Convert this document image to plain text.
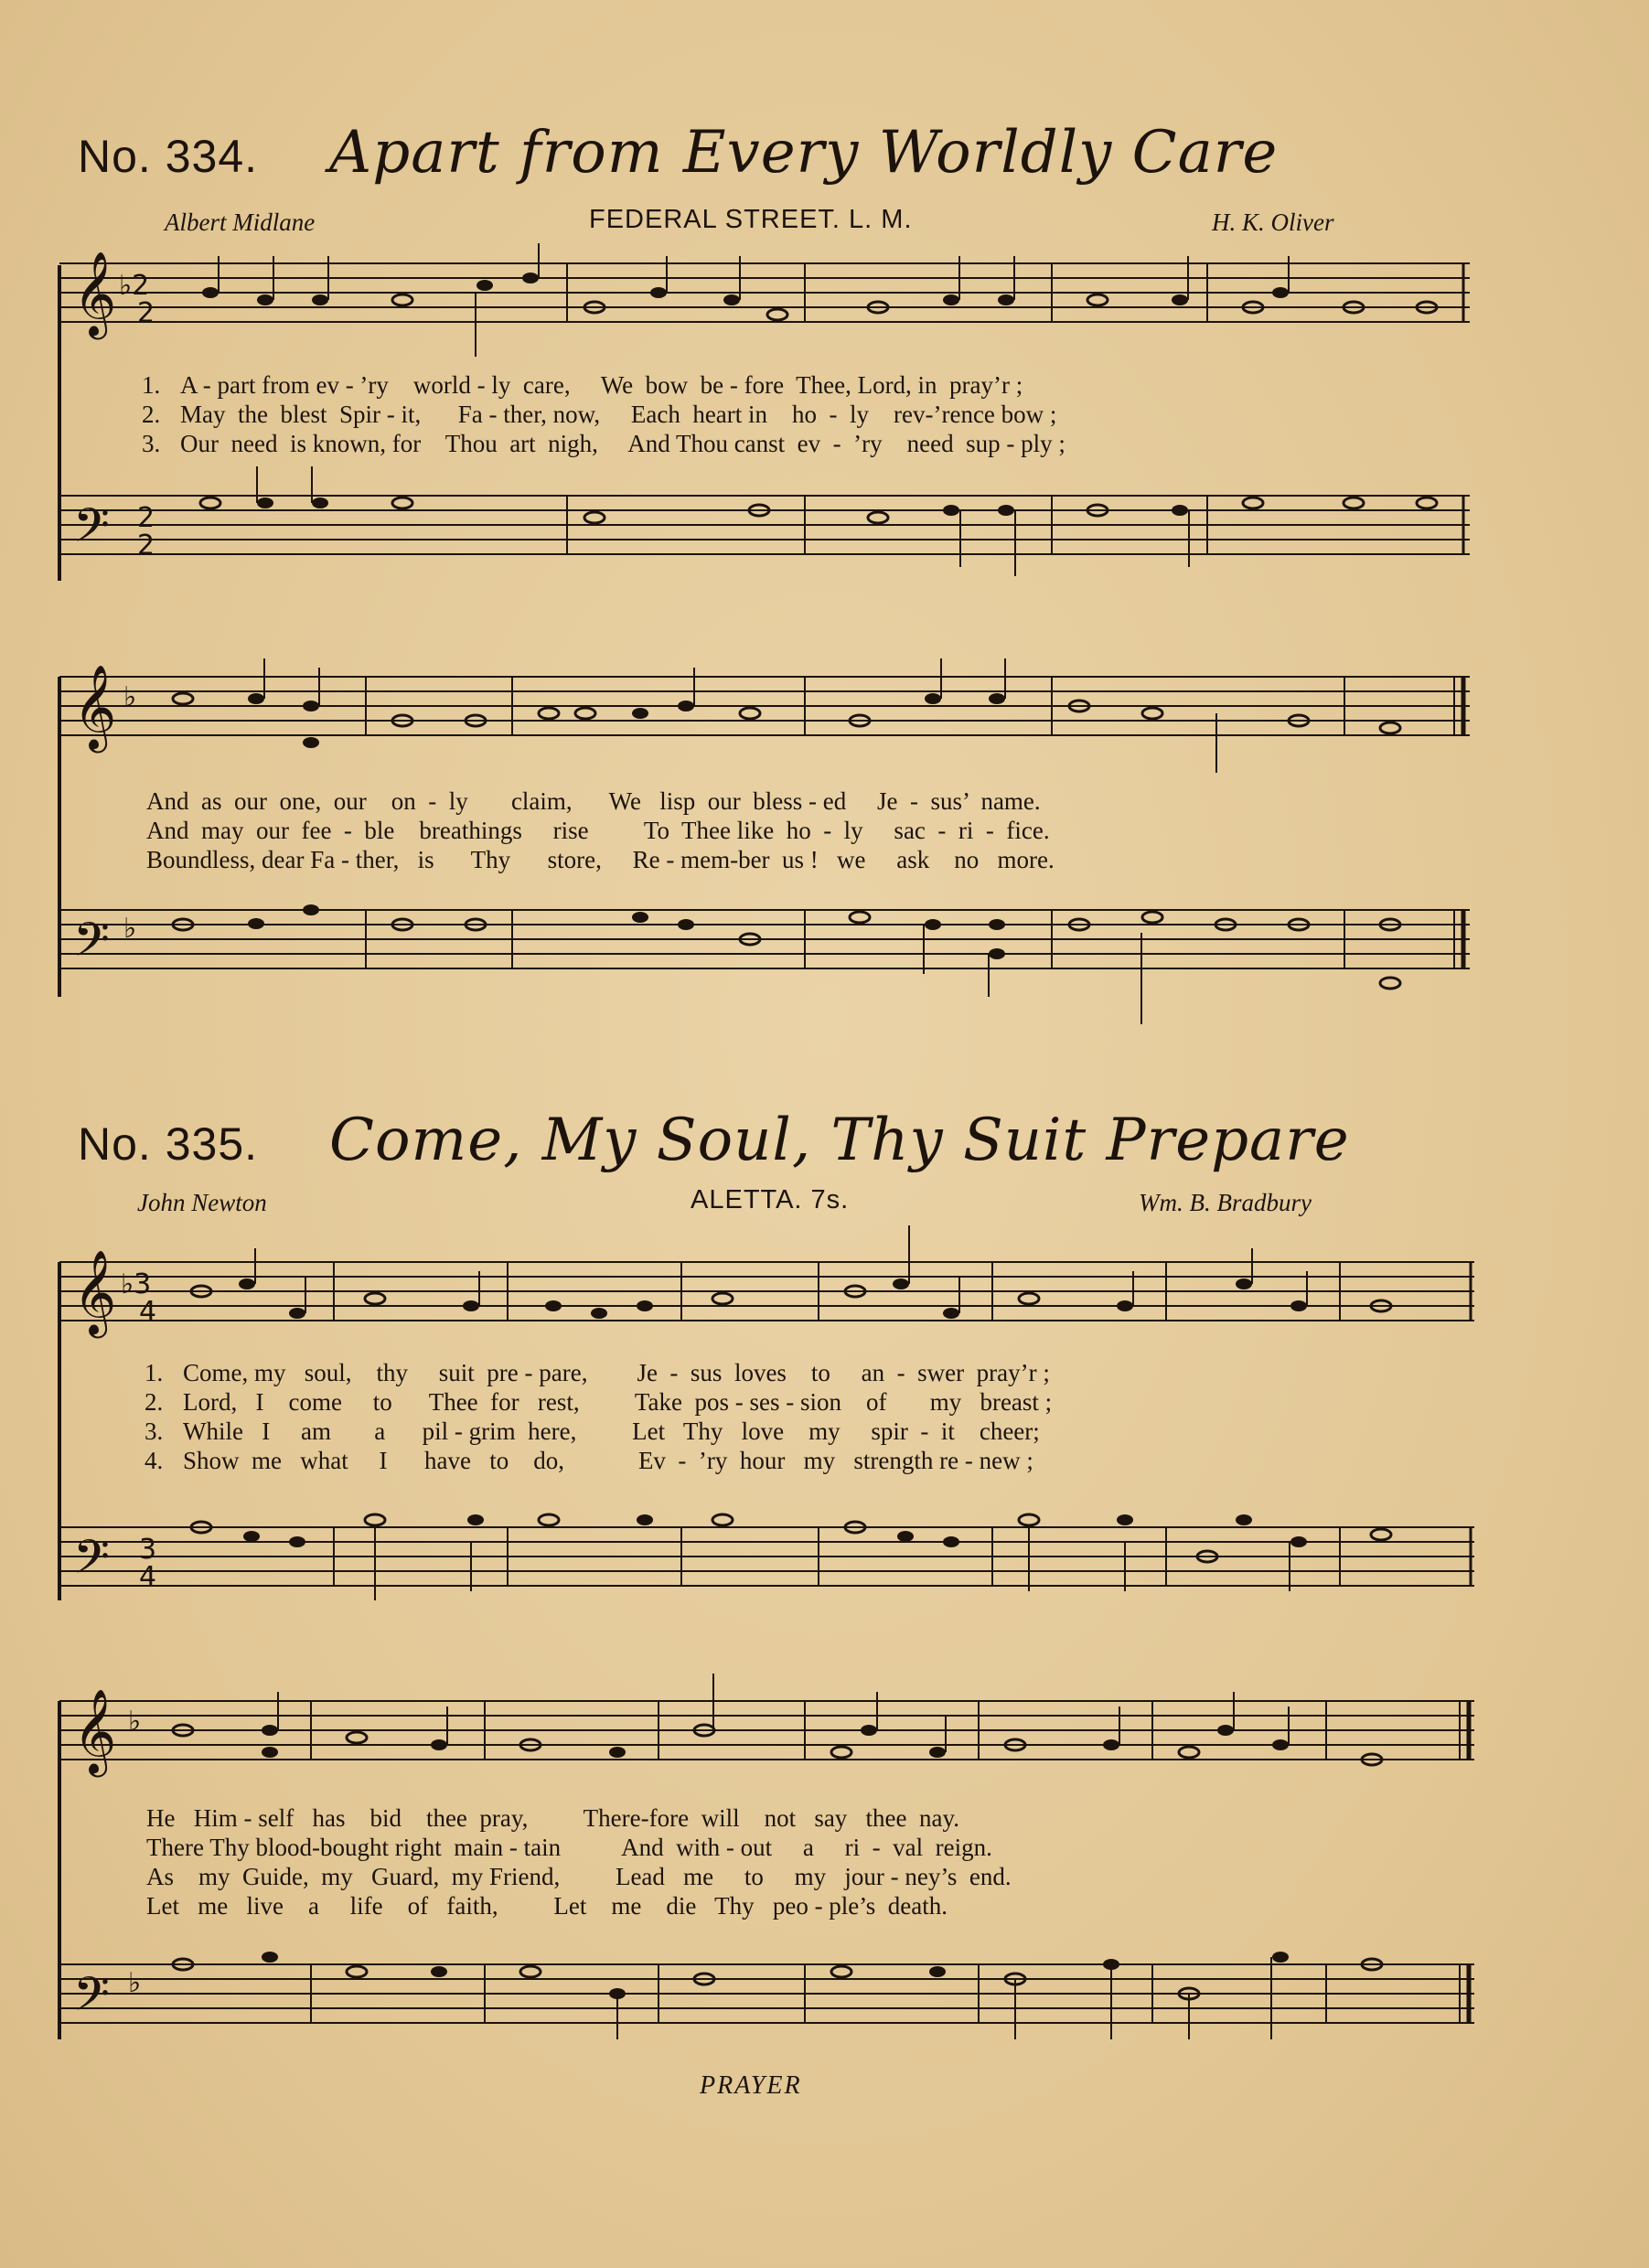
No. 334.	Apart from Every Worldly Care
Albert Midlane	FEDERAL STREET. L. M.	H. K. Oliver
𝄞
𝄢
♭2
2
2
2
1. A - part from ev - ’ry    world - ly  care,     We  bow  be - fore  Thee, Lord, in  pray’r ;
2. May  the  blest  Spir - it,      Fa - ther, now,     Each  heart in    ho  -  ly    rev-’rence bow ;
3. Our  need  is known, for    Thou  art  nigh,     And Thou canst  ev  -  ’ry    need  sup - ply ;
𝄞
𝄢
♭
♭
And  as  our  one,  our    on  -  ly       claim,      We   lisp  our  bless - ed     Je  -  sus’  name.
And  may  our  fee  -  ble    breathings     rise         To  Thee like  ho  -  ly     sac  -  ri  -  fice.
Boundless, dear Fa - ther,   is      Thy      store,     Re - mem-ber  us !   we     ask    no   more.
No. 335.	Come, My Soul, Thy Suit Prepare
John Newton	ALETTA. 7s.	Wm. B. Bradbury
𝄞
𝄢
♭3
4
3
4
1. Come, my   soul,    thy     suit  pre - pare,        Je  -  sus  loves    to     an  -  swer  pray’r ;
2. Lord,   I    come     to      Thee  for   rest,         Take  pos - ses - sion    of       my   breast ;
3. While   I     am       a      pil - grim  here,         Let   Thy   love    my     spir  -  it    cheer;
4. Show  me   what     I      have   to    do,            Ev  -  ’ry  hour   my   strength re - new ;
𝄞
𝄢
♭
♭
He   Him - self   has    bid    thee  pray,         There-fore  will    not   say   thee  nay.
There Thy blood-bought right  main - tain          And  with - out     a     ri  -  val  reign.
As    my  Guide,  my   Guard,  my Friend,         Lead   me     to     my   jour - ney’s  end.
Let   me   live    a     life    of   faith,         Let    me    die   Thy   peo - ple’s  death.
PRAYER
